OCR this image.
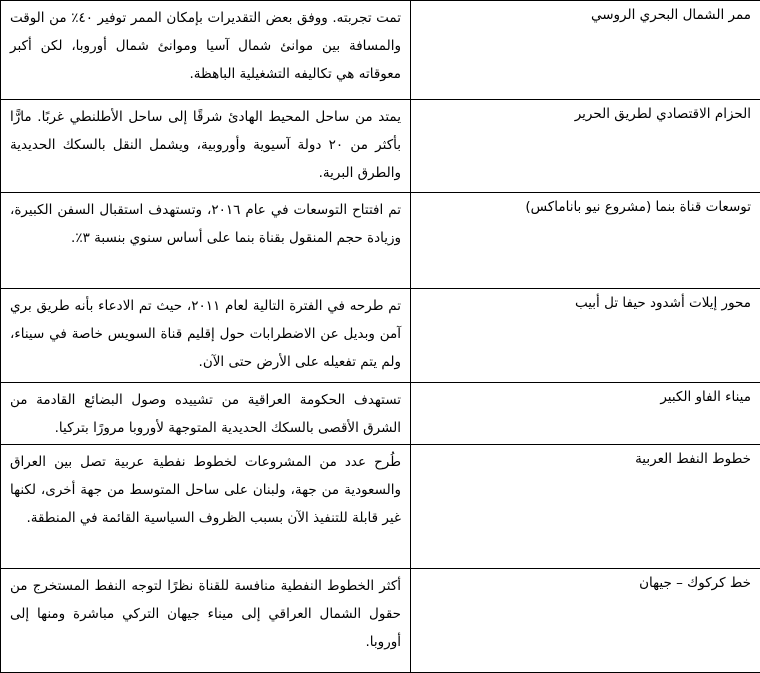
ممر الشمال البحري الروسي	تمت تجربته. ووفق بعض التقديرات بإمكان الممر توفير ٤٠٪ من الوقت والمسافة بين موانئ شمال آسيا وموانئ شمال أوروبا، لكن أكبر معوقاته هي تكاليفه التشغيلية الباهظة.
الحزام الاقتصادي لطريق الحرير	يمتد من ساحل المحيط الهادئ شرقًا إلى ساحل الأطلنطي غربًا. مارًّا بأكثر من ٢٠ دولة آسيوية وأوروبية، ويشمل النقل بالسكك الحديدية والطرق البرية.
توسعات قناة بنما (مشروع نيو باناماكس)	تم افتتاح التوسعات في عام ٢٠١٦، وتستهدف استقبال السفن الكبيرة، وزيادة حجم المنقول بقناة بنما على أساس سنوي بنسبة ٣٪.
محور إيلات أشدود حيفا تل أبيب	تم طرحه في الفترة التالية لعام ٢٠١١، حيث تم الادعاء بأنه طريق بري آمن وبديل عن الاضطرابات حول إقليم قناة السويس خاصة في سيناء، ولم يتم تفعيله على الأرض حتى الآن.
ميناء الفاو الكبير	تستهدف الحكومة العراقية من تشييده وصول البضائع القادمة من الشرق الأقصى بالسكك الحديدية المتوجهة لأوروبا مرورًا بتركيا.
خطوط النفط العربية	طُرح عدد من المشروعات لخطوط نفطية عربية تصل بين العراق والسعودية من جهة، ولبنان على ساحل المتوسط من جهة أخرى، لكنها غير قابلة للتنفيذ الآن بسبب الظروف السياسية القائمة في المنطقة.
خط كركوك – جيهان	أكثر الخطوط النفطية منافسة للقناة نظرًا لتوجه النفط المستخرج من حقول الشمال العراقي إلى ميناء جيهان التركي مباشرة ومنها إلى أوروبا.
